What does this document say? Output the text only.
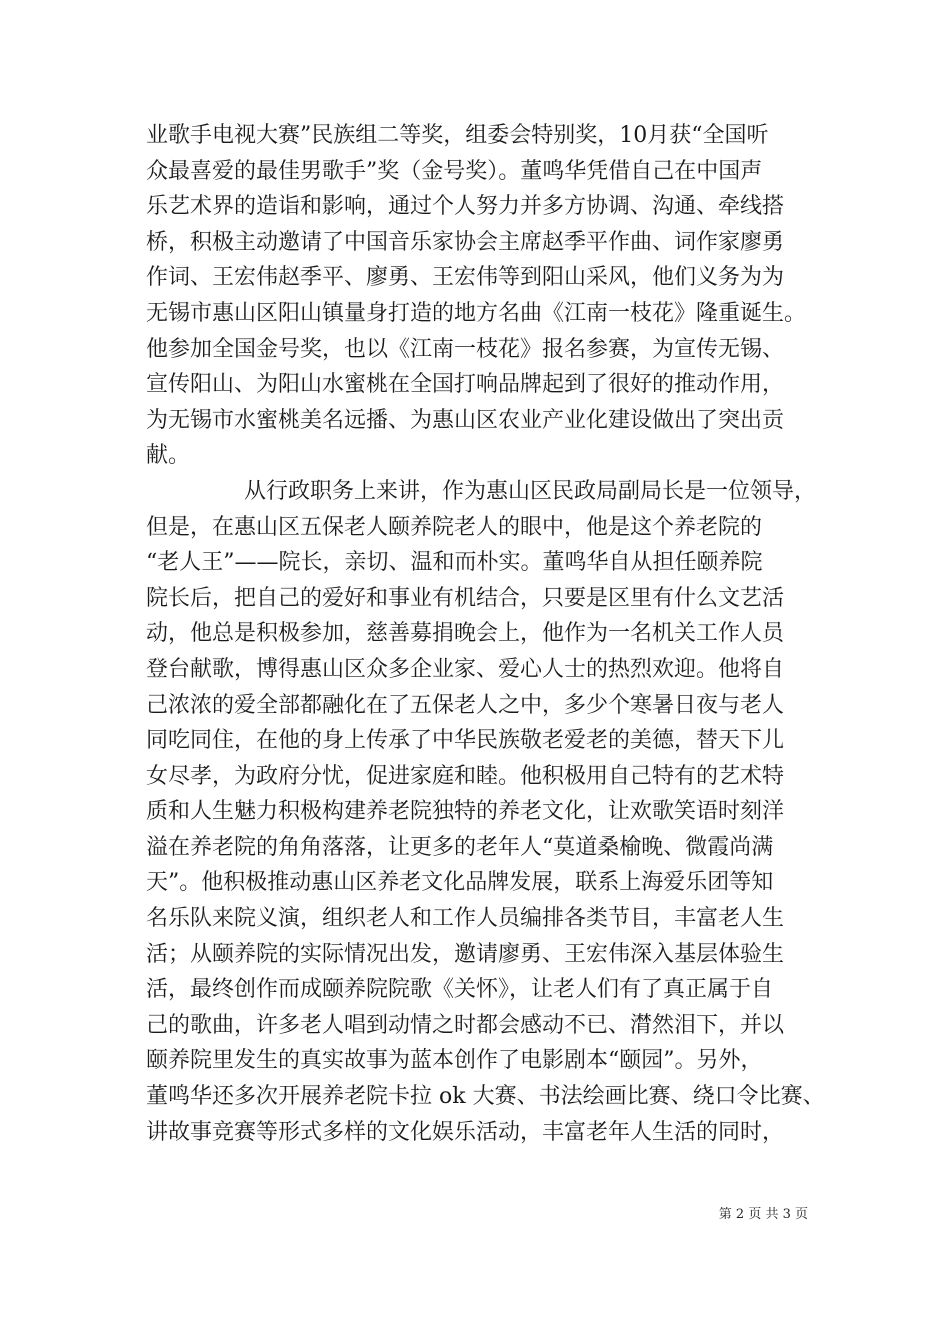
业歌手电视大赛”民族组二等奖，组委会特别奖，10月获“全国听
众最喜爱的最佳男歌手”奖（金号奖）。董鸣华凭借自己在中国声
乐艺术界的造诣和影响，通过个人努力并多方协调、沟通、牵线搭
桥，积极主动邀请了中国音乐家协会主席赵季平作曲、词作家廖勇
作词、王宏伟赵季平、廖勇、王宏伟等到阳山采风，他们义务为为
无锡市惠山区阳山镇量身打造的地方名曲《江南一枝花》隆重诞生。
他参加全国金号奖，也以《江南一枝花》报名参赛，为宣传无锡、
宣传阳山、为阳山水蜜桃在全国打响品牌起到了很好的推动作用，
为无锡市水蜜桃美名远播、为惠山区农业产业化建设做出了突出贡
献。
从行政职务上来讲，作为惠山区民政局副局长是一位领导，
但是，在惠山区五保老人颐养院老人的眼中，他是这个养老院的
“老人王”——院长，亲切、温和而朴实。董鸣华自从担任颐养院
院长后，把自己的爱好和事业有机结合，只要是区里有什么文艺活
动，他总是积极参加，慈善募捐晚会上，他作为一名机关工作人员
登台献歌，博得惠山区众多企业家、爱心人士的热烈欢迎。他将自
己浓浓的爱全部都融化在了五保老人之中，多少个寒暑日夜与老人
同吃同住，在他的身上传承了中华民族敬老爱老的美德，替天下儿
女尽孝，为政府分忧，促进家庭和睦。他积极用自己特有的艺术特
质和人生魅力积极构建养老院独特的养老文化，让欢歌笑语时刻洋
溢在养老院的角角落落，让更多的老年人“莫道桑榆晚、微霞尚满
天”。他积极推动惠山区养老文化品牌发展，联系上海爱乐团等知
名乐队来院义演，组织老人和工作人员编排各类节目，丰富老人生
活；从颐养院的实际情况出发，邀请廖勇、王宏伟深入基层体验生
活，最终创作而成颐养院院歌《关怀》，让老人们有了真正属于自
己的歌曲，许多老人唱到动情之时都会感动不已、潸然泪下，并以
颐养院里发生的真实故事为蓝本创作了电影剧本“颐园”。另外，
董鸣华还多次开展养老院卡拉 ok 大赛、书法绘画比赛、绕口令比赛、
讲故事竞赛等形式多样的文化娱乐活动，丰富老年人生活的同时，
第 2 页 共 3 页
